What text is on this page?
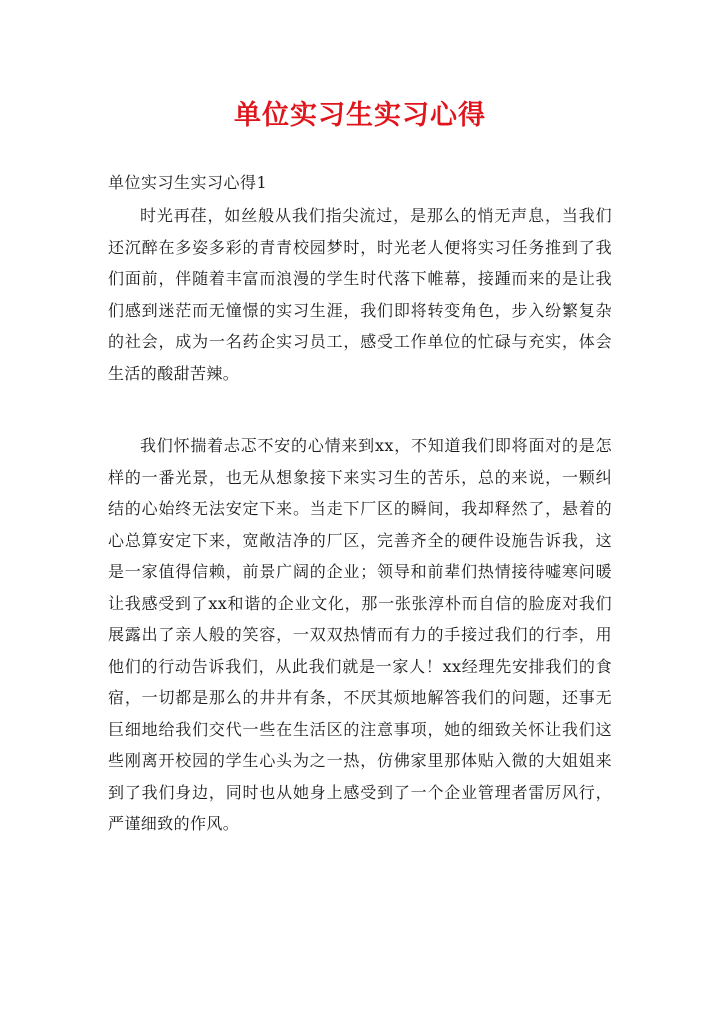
单位实习生实习心得

单位实习生实习心得1

时光再荏，如丝般从我们指尖流过，是那么的悄无声息，当我们还沉醉在多姿多彩的青青校园梦时，时光老人便将实习任务推到了我们面前，伴随着丰富而浪漫的学生时代落下帷幕，接踵而来的是让我们感到迷茫而无憧憬的实习生涯，我们即将转变角色，步入纷繁复杂的社会，成为一名药企实习员工，感受工作单位的忙碌与充实，体会生活的酸甜苦辣。

我们怀揣着忐忑不安的心情来到xx，不知道我们即将面对的是怎样的一番光景，也无从想象接下来实习生的苦乐，总的来说，一颗纠结的心始终无法安定下来。当走下厂区的瞬间，我却释然了，悬着的心总算安定下来，宽敞洁净的厂区，完善齐全的硬件设施告诉我，这是一家值得信赖，前景广阔的企业；领导和前辈们热情接待嘘寒问暖让我感受到了xx和谐的企业文化，那一张张淳朴而自信的脸庞对我们展露出了亲人般的笑容，一双双热情而有力的手接过我们的行李，用他们的行动告诉我们，从此我们就是一家人！xx经理先安排我们的食宿，一切都是那么的井井有条，不厌其烦地解答我们的问题，还事无巨细地给我们交代一些在生活区的注意事项，她的细致关怀让我们这些刚离开校园的学生心头为之一热，仿佛家里那体贴入微的大姐姐来到了我们身边，同时也从她身上感受到了一个企业管理者雷厉风行，严谨细致的作风。
